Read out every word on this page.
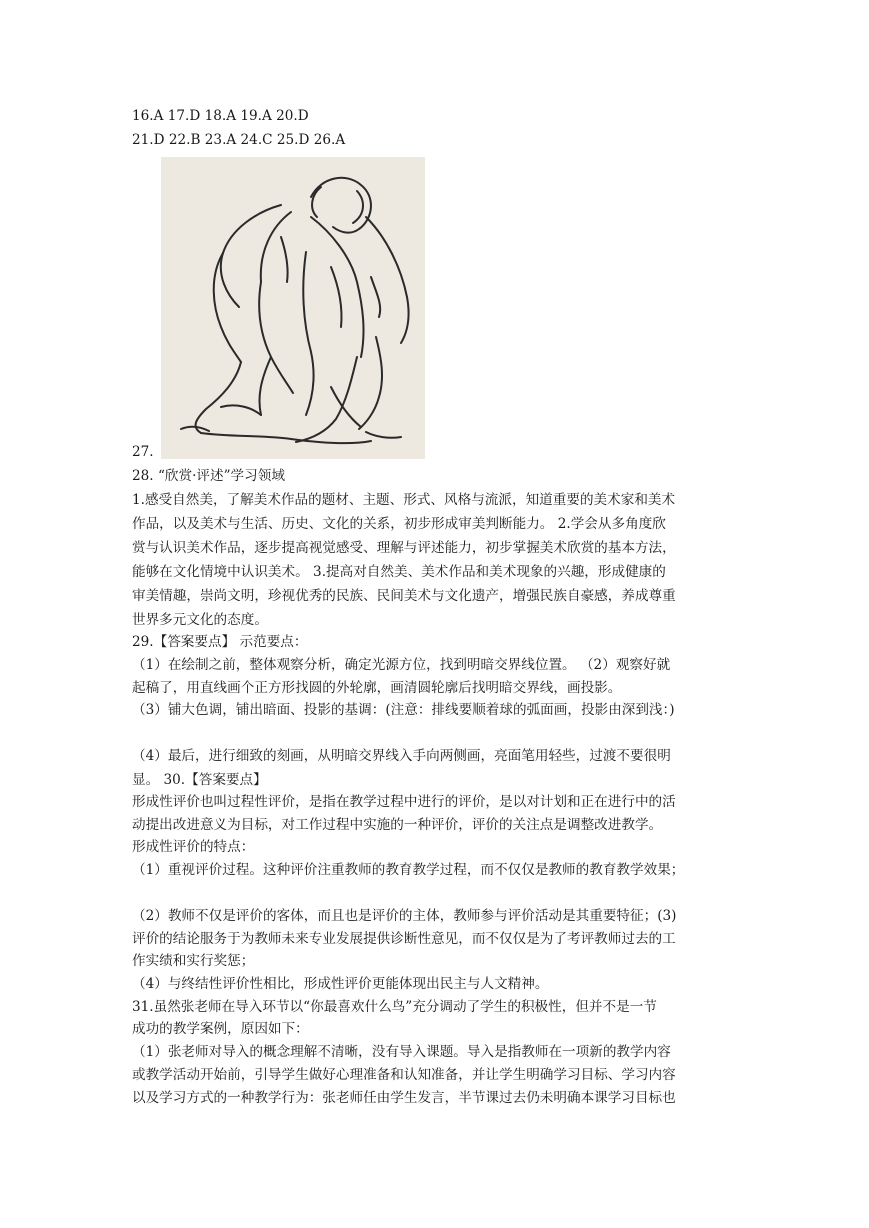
16.A 17.D 18.A 19.A 20.D
21.D 22.B 23.A 24.C 25.D 26.A
27.
28. “欣赏·评述”学习领域
1.感受自然美，了解美术作品的题材、主题、形式、风格与流派，知道重要的美术家和美术
作品，以及美术与生活、历史、文化的关系，初步形成审美判断能力。 2.学会从多角度欣
赏与认识美术作品，逐步提高视觉感受、理解与评述能力，初步掌握美术欣赏的基本方法，
能够在文化情境中认识美术。 3.提高对自然美、美术作品和美术现象的兴趣，形成健康的
审美情趣，崇尚文明，珍视优秀的民族、民间美术与文化遗产，增强民族自豪感，养成尊重
世界多元文化的态度。
29.【答案要点】 示范要点：
（1）在绘制之前，整体观察分析，确定光源方位，找到明暗交界线位置。 （2）观察好就
起稿了，用直线画个正方形找圆的外轮廓，画清圆轮廓后找明暗交界线，画投影。
（3）铺大色调，铺出暗面、投影的基调：(注意：排线要顺着球的弧面画，投影由深到浅：)
（4）最后，进行细致的刻画，从明暗交界线入手向两侧画，亮面笔用轻些，过渡不要很明
显。 30.【答案要点】
形成性评价也叫过程性评价，是指在教学过程中进行的评价，是以对计划和正在进行中的活
动提出改进意义为目标，对工作过程中实施的一种评价，评价的关注点是调整改进教学。
形成性评价的特点：
（1）重视评价过程。这种评价注重教师的教育教学过程，而不仅仅是教师的教育教学效果；
（2）教师不仅是评价的客体，而且也是评价的主体，教师参与评价活动是其重要特征；(3)
评价的结论服务于为教师未来专业发展提供诊断性意见，而不仅仅是为了考评教师过去的工
作实绩和实行奖惩；
（4）与终结性评价性相比，形成性评价更能体现出民主与人文精神。
31.虽然张老师在导入环节以“你最喜欢什么鸟”充分调动了学生的积极性，但并不是一节
成功的教学案例，原因如下：
（1）张老师对导入的概念理解不清晰，没有导入课题。导入是指教师在一项新的教学内容
或教学活动开始前，引导学生做好心理准备和认知准备，并让学生明确学习目标、学习内容
以及学习方式的一种教学行为：张老师任由学生发言，半节课过去仍未明确本课学习目标也
